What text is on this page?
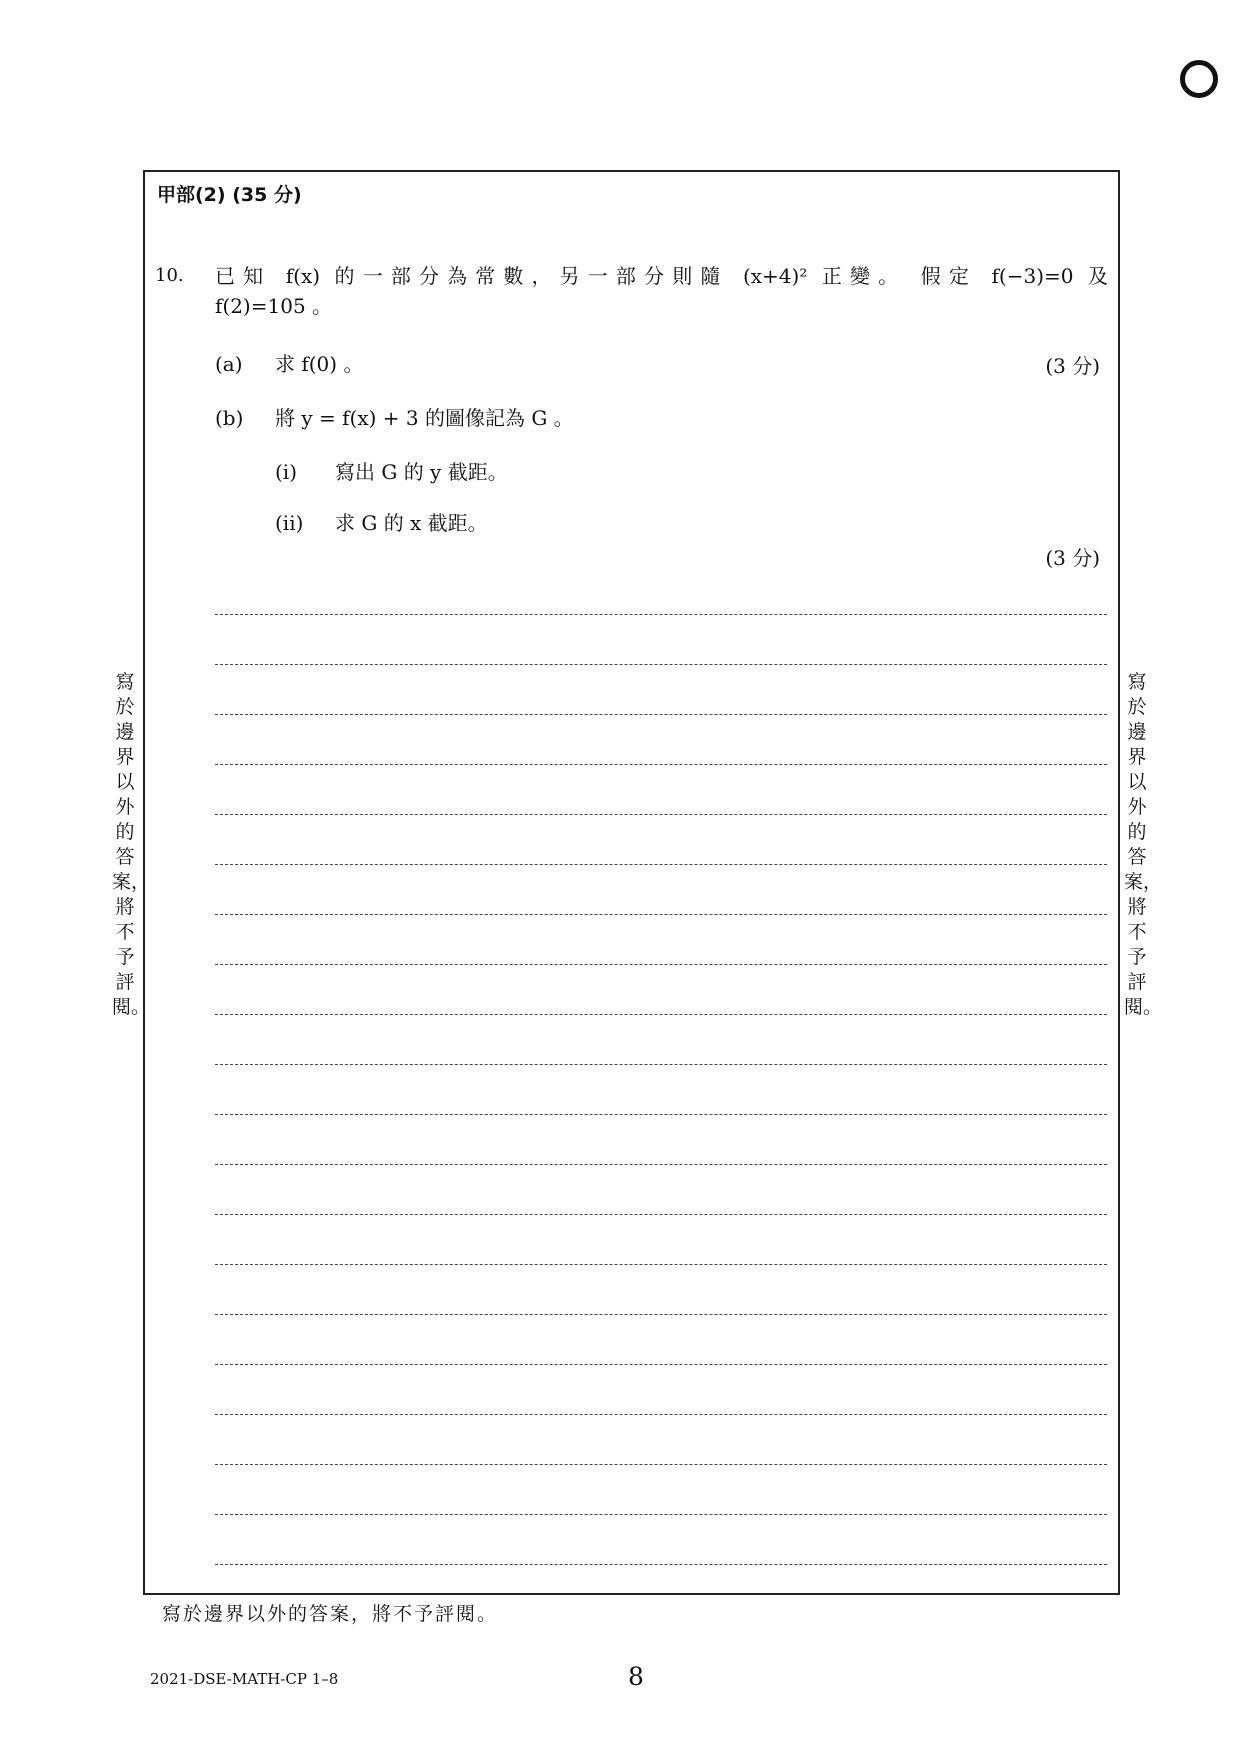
甲部(2) (35 分)
10. 已知 f(x) 的一部分為常數，另一部分則隨 (x+4)² 正變。 假定 f(−3)=0 及
f(2)=105 。
(a) 求 f(0) 。	(3 分)
(b) 將 y = f(x) + 3 的圖像記為 G 。
(i) 寫出 G 的 y 截距。
(ii) 求 G 的 x 截距。
(3 分)
寫於邊界以外的答案，將不予評閱。
寫於邊界以外的答案，將不予評閱。
寫於邊界以外的答案，將不予評閱。
2021-DSE-MATH-CP 1–8	8
